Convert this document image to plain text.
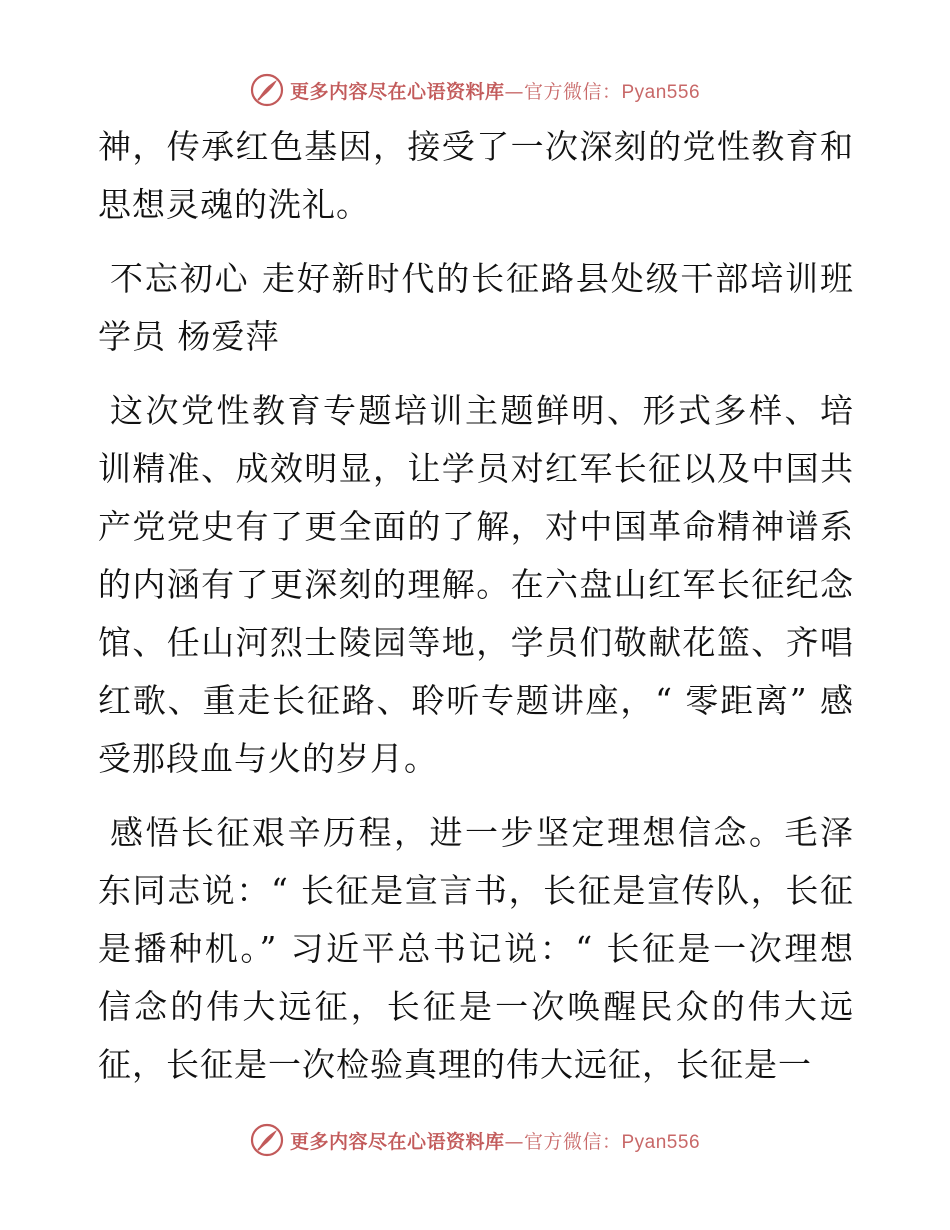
更多内容尽在心语资料库—官方微信：Pyan556

神，传承红色基因，接受了一次深刻的党性教育和思想灵魂的洗礼。

不忘初心 走好新时代的长征路县处级干部培训班学员 杨爱萍

这次党性教育专题培训主题鲜明、形式多样、培训精准、成效明显，让学员对红军长征以及中国共产党党史有了更全面的了解，对中国革命精神谱系的内涵有了更深刻的理解。在六盘山红军长征纪念馆、任山河烈士陵园等地，学员们敬献花篮、齐唱红歌、重走长征路、聆听专题讲座，“ 零距离” 感受那段血与火的岁月。

感悟长征艰辛历程，进一步坚定理想信念。毛泽东同志说：“ 长征是宣言书，长征是宣传队，长征是播种机。” 习近平总书记说：“ 长征是一次理想信念的伟大远征，长征是一次唤醒民众的伟大远征，长征是一次检验真理的伟大远征，长征是一

更多内容尽在心语资料库—官方微信：Pyan556
